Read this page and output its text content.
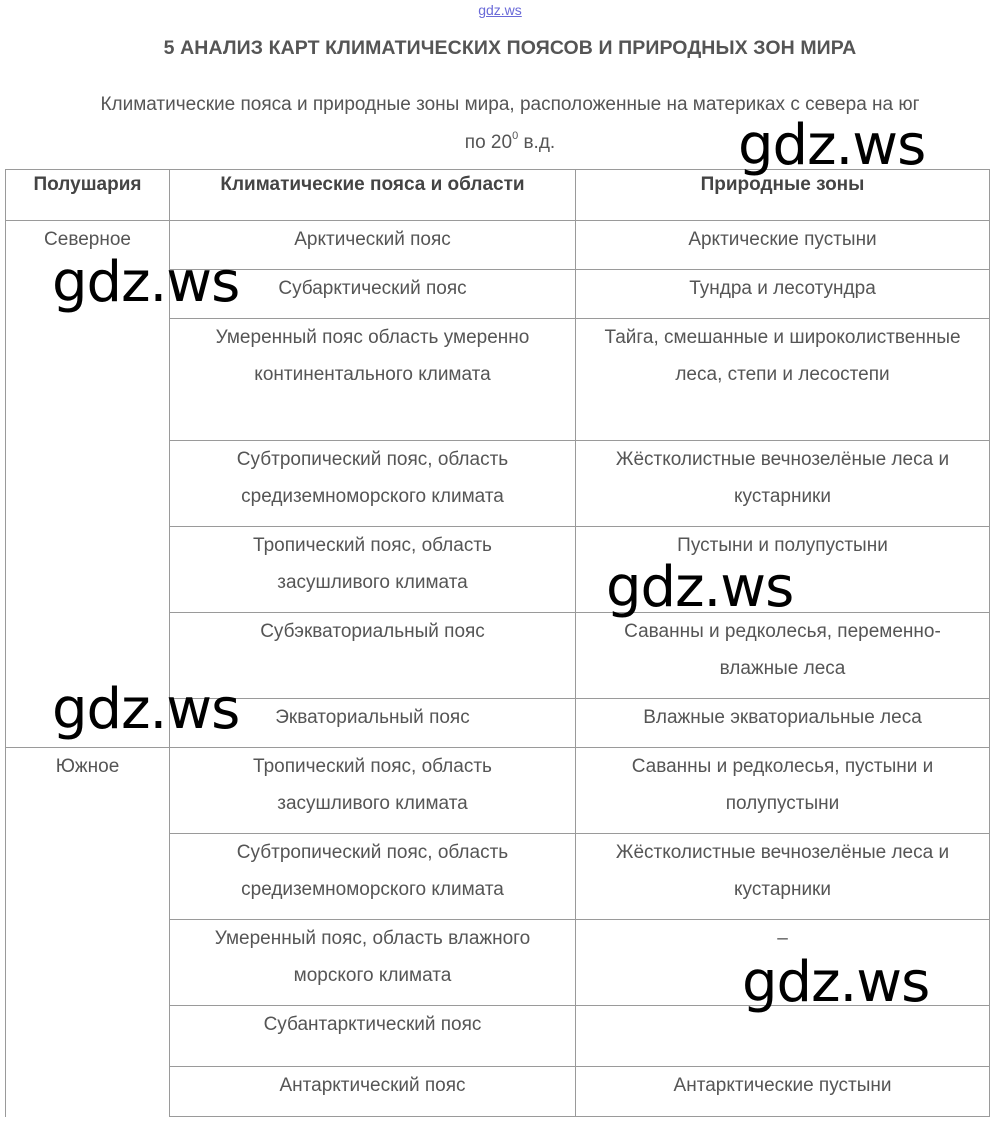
gdz.ws
5 АНАЛИЗ КАРТ КЛИМАТИЧЕСКИХ ПОЯСОВ И ПРИРОДНЫХ ЗОН МИРА
Климатические пояса и природные зоны мира, расположенные на материках с севера на юг
по $20^0$ в.д.
Полушария	Климатические пояса и области	Природные зоны
Северное	Арктический пояс	Арктические пустыни
	Субарктический пояс	Тундра и лесотундра
	Умеренный пояс область умеренно континентального климата	Тайга, смешанные и широколиственные леса, степи и лесостепи
	Субтропический пояс, область средиземноморского климата	Жёстколистные вечнозелёные леса и кустарники
	Тропический пояс, область засушливого климата	Пустыни и полупустыни
	Субэкваториальный пояс	Саванны и редколесья, переменно-влажные леса
	Экваториальный пояс	Влажные экваториальные леса
Южное	Тропический пояс, область засушливого климата	Саванны и редколесья, пустыни и полупустыни
	Субтропический пояс, область средиземноморского климата	Жёстколистные вечнозелёные леса и кустарники
	Умеренный пояс, область влажного морского климата	–
	Субантарктический пояс	
	Антарктический пояс	Антарктические пустыни
gdz.ws
gdz.ws
gdz.ws
gdz.ws
gdz.ws
